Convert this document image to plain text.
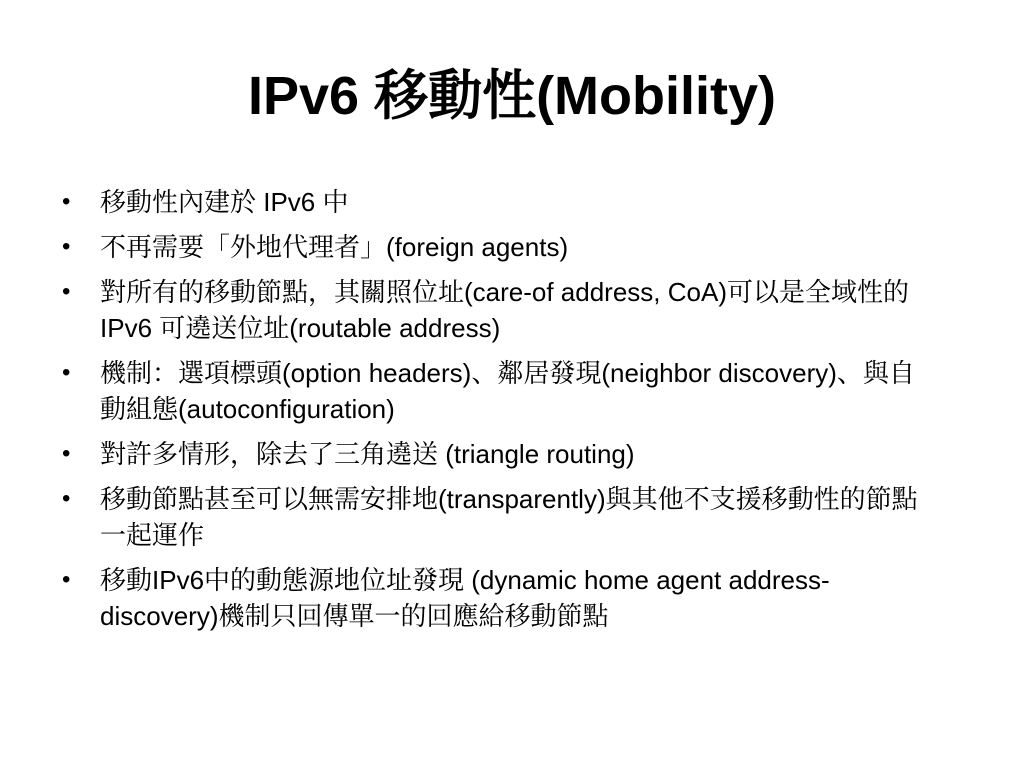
IPv6 移動性(Mobility)
•	移動性內建於 IPv6 中
•	不再需要「外地代理者」(foreign agents)
•	對所有的移動節點，其關照位址(care-of address, CoA)可以是全域性的 IPv6 可遶送位址(routable address)
•	機制：選項標頭(option headers)、鄰居發現(neighbor discovery)、與自動組態(autoconfiguration)
•	對許多情形，除去了三角遶送 (triangle routing)
•	移動節點甚至可以無需安排地(transparently)與其他不支援移動性的節點一起運作
•	移動IPv6中的動態源地位址發現 (dynamic home agent address-discovery)機制只回傳單一的回應給移動節點
